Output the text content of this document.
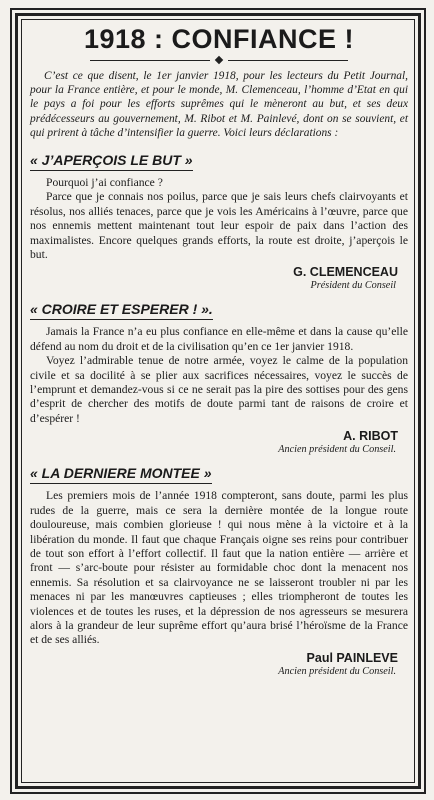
1918 : CONFIANCE !

C’est ce que disent, le 1er janvier 1918, pour les lecteurs du Petit Journal, pour la France entière, et pour le monde, M. Clemenceau, l’homme d’Etat en qui le pays a foi pour les efforts suprêmes qui le mèneront au but, et ses deux prédécesseurs au gouvernement, M. Ribot et M. Painlevé, dont on se souvient, et qui prirent à tâche d’intensifier la guerre. Voici leurs déclarations :

« J’APERÇOIS LE BUT »

Pourquoi j’ai confiance ?

Parce que je connais nos poilus, parce que je sais leurs chefs clairvoyants et résolus, nos alliés tenaces, parce que je vois les Américains à l’œuvre, parce que nos ennemis mettent maintenant tout leur espoir de paix dans l’action des maximalistes. Encore quelques grands efforts, la route est droite, j’aperçois le but.

G. CLEMENCEAU
Président du Conseil
« CROIRE ET ESPERER ! ».

Jamais la France n’a eu plus confiance en elle-même et dans la cause qu’elle défend au nom du droit et de la civilisation qu’en ce 1er janvier 1918.

Voyez l’admirable tenue de notre armée, voyez le calme de la population civile et sa docilité à se plier aux sacrifices nécessaires, voyez le succès de l’emprunt et demandez-vous si ce ne serait pas la pire des sottises pour des gens d’esprit de chercher des motifs de doute parmi tant de raisons de croire et d’espérer !

A. RIBOT
Ancien président du Conseil.
« LA DERNIERE MONTEE »

Les premiers mois de l’année 1918 compteront, sans doute, parmi les plus rudes de la guerre, mais ce sera la dernière montée de la longue route douloureuse, mais combien glorieuse ! qui nous mène à la victoire et à la libération du monde. Il faut que chaque Français oigne ses reins pour contribuer de tout son effort à l’effort collectif. Il faut que la nation entière — arrière et front — s’arc-boute pour résister au formidable choc dont la menacent nos ennemis. Sa résolution et sa clairvoyance ne se laisseront troubler ni par les menaces ni par les manœuvres captieuses ; elles triompheront de toutes les violences et de toutes les ruses, et la dépression de nos agresseurs se mesurera alors à la grandeur de leur suprême effort qu’aura brisé l’héroïsme de la France et de ses alliés.

Paul PAINLEVE
Ancien président du Conseil.
